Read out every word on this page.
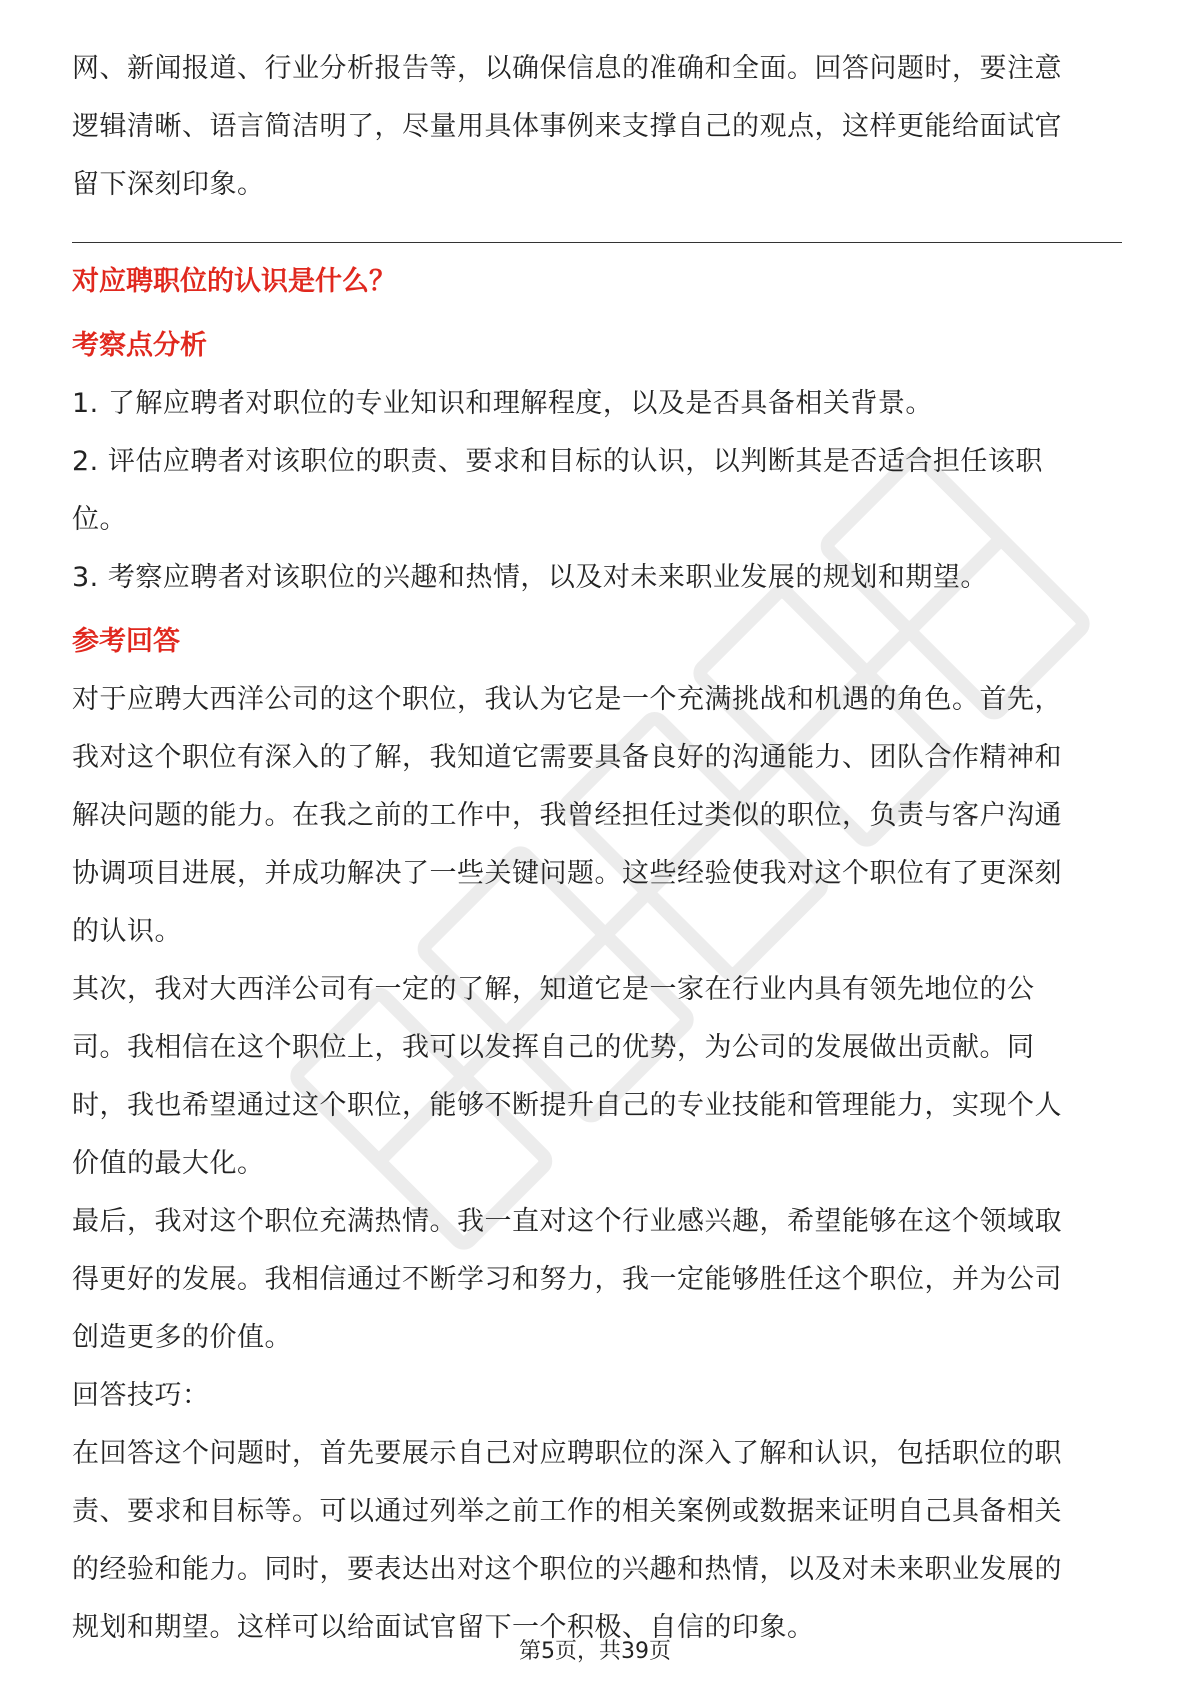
网、新闻报道、行业分析报告等，以确保信息的准确和全面。回答问题时，要注意

逻辑清晰、语言简洁明了，尽量用具体事例来支撑自己的观点，这样更能给面试官

留下深刻印象。

对应聘职位的认识是什么？

考察点分析

1. 了解应聘者对职位的专业知识和理解程度，以及是否具备相关背景。

2. 评估应聘者对该职位的职责、要求和目标的认识，以判断其是否适合担任该职

位。

3. 考察应聘者对该职位的兴趣和热情，以及对未来职业发展的规划和期望。

参考回答

对于应聘大西洋公司的这个职位，我认为它是一个充满挑战和机遇的角色。首先，

我对这个职位有深入的了解，我知道它需要具备良好的沟通能力、团队合作精神和

解决问题的能力。在我之前的工作中，我曾经担任过类似的职位，负责与客户沟通

协调项目进展，并成功解决了一些关键问题。这些经验使我对这个职位有了更深刻

的认识。

其次，我对大西洋公司有一定的了解，知道它是一家在行业内具有领先地位的公

司。我相信在这个职位上，我可以发挥自己的优势，为公司的发展做出贡献。同

时，我也希望通过这个职位，能够不断提升自己的专业技能和管理能力，实现个人

价值的最大化。

最后，我对这个职位充满热情。我一直对这个行业感兴趣，希望能够在这个领域取

得更好的发展。我相信通过不断学习和努力，我一定能够胜任这个职位，并为公司

创造更多的价值。

回答技巧：

在回答这个问题时，首先要展示自己对应聘职位的深入了解和认识，包括职位的职

责、要求和目标等。可以通过列举之前工作的相关案例或数据来证明自己具备相关

的经验和能力。同时，要表达出对这个职位的兴趣和热情，以及对未来职业发展的

规划和期望。这样可以给面试官留下一个积极、自信的印象。

第5页，共39页
